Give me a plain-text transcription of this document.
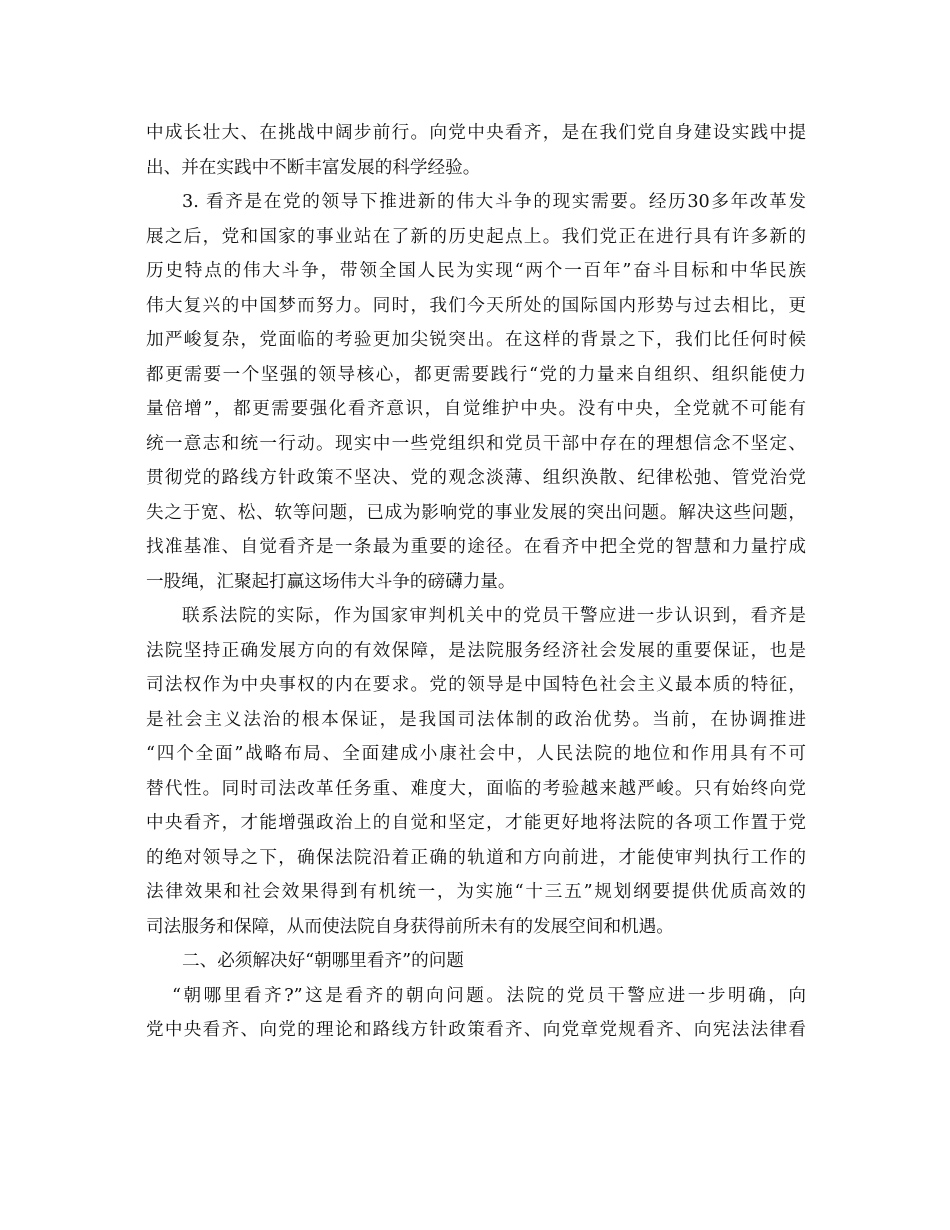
中成长壮大、在挑战中阔步前行。向党中央看齐，是在我们党自身建设实践中提
出、并在实践中不断丰富发展的科学经验。
3. 看齐是在党的领导下推进新的伟大斗争的现实需要。经历30多年改革发
展之后，党和国家的事业站在了新的历史起点上。我们党正在进行具有许多新的
历史特点的伟大斗争，带领全国人民为实现“两个一百年”奋斗目标和中华民族
伟大复兴的中国梦而努力。同时，我们今天所处的国际国内形势与过去相比，更
加严峻复杂，党面临的考验更加尖锐突出。在这样的背景之下，我们比任何时候
都更需要一个坚强的领导核心，都更需要践行“党的力量来自组织、组织能使力
量倍增”，都更需要强化看齐意识，自觉维护中央。没有中央，全党就不可能有
统一意志和统一行动。现实中一些党组织和党员干部中存在的理想信念不坚定、
贯彻党的路线方针政策不坚决、党的观念淡薄、组织涣散、纪律松弛、管党治党
失之于宽、松、软等问题，已成为影响党的事业发展的突出问题。解决这些问题，
找准基准、自觉看齐是一条最为重要的途径。在看齐中把全党的智慧和力量拧成
一股绳，汇聚起打赢这场伟大斗争的磅礴力量。
联系法院的实际，作为国家审判机关中的党员干警应进一步认识到，看齐是
法院坚持正确发展方向的有效保障，是法院服务经济社会发展的重要保证，也是
司法权作为中央事权的内在要求。党的领导是中国特色社会主义最本质的特征，
是社会主义法治的根本保证，是我国司法体制的政治优势。当前，在协调推进
“四个全面”战略布局、全面建成小康社会中，人民法院的地位和作用具有不可
替代性。同时司法改革任务重、难度大，面临的考验越来越严峻。只有始终向党
中央看齐，才能增强政治上的自觉和坚定，才能更好地将法院的各项工作置于党
的绝对领导之下，确保法院沿着正确的轨道和方向前进，才能使审判执行工作的
法律效果和社会效果得到有机统一，为实施“十三五”规划纲要提供优质高效的
司法服务和保障，从而使法院自身获得前所未有的发展空间和机遇。
二、必须解决好“朝哪里看齐”的问题
“朝哪里看齐?”这是看齐的朝向问题。法院的党员干警应进一步明确，向
党中央看齐、向党的理论和路线方针政策看齐、向党章党规看齐、向宪法法律看
